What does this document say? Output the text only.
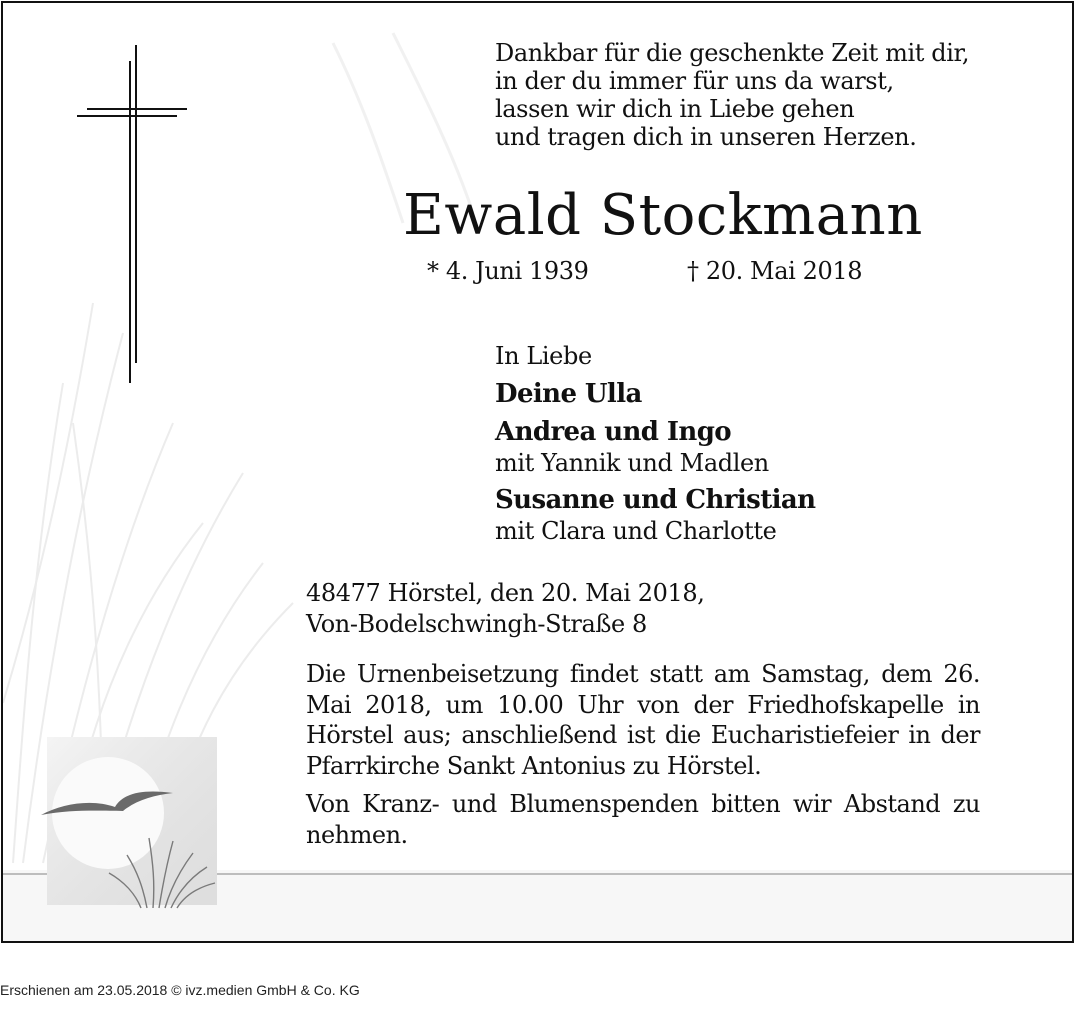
Dankbar für die geschenkte Zeit mit dir,
in der du immer für uns da warst,
lassen wir dich in Liebe gehen
und tragen dich in unseren Herzen.
Ewald Stockmann
* 4. Juni 1939	† 20. Mai 2018
In Liebe
Deine Ulla
Andrea und Ingo
mit Yannik und Madlen
Susanne und Christian
mit Clara und Charlotte
48477 Hörstel, den 20. Mai 2018,
Von-Bodelschwingh-Straße 8

Die Urnenbeisetzung findet statt am Samstag, dem 26. Mai 2018, um 10.00 Uhr von der Friedhofskapelle in Hörstel aus; anschließend ist die Eucharistiefeier in der Pfarrkirche Sankt Antonius zu Hörstel.

Von Kranz- und Blumenspenden bitten wir Abstand zu nehmen.

Erschienen am 23.05.2018 © ivz.medien GmbH & Co. KG
